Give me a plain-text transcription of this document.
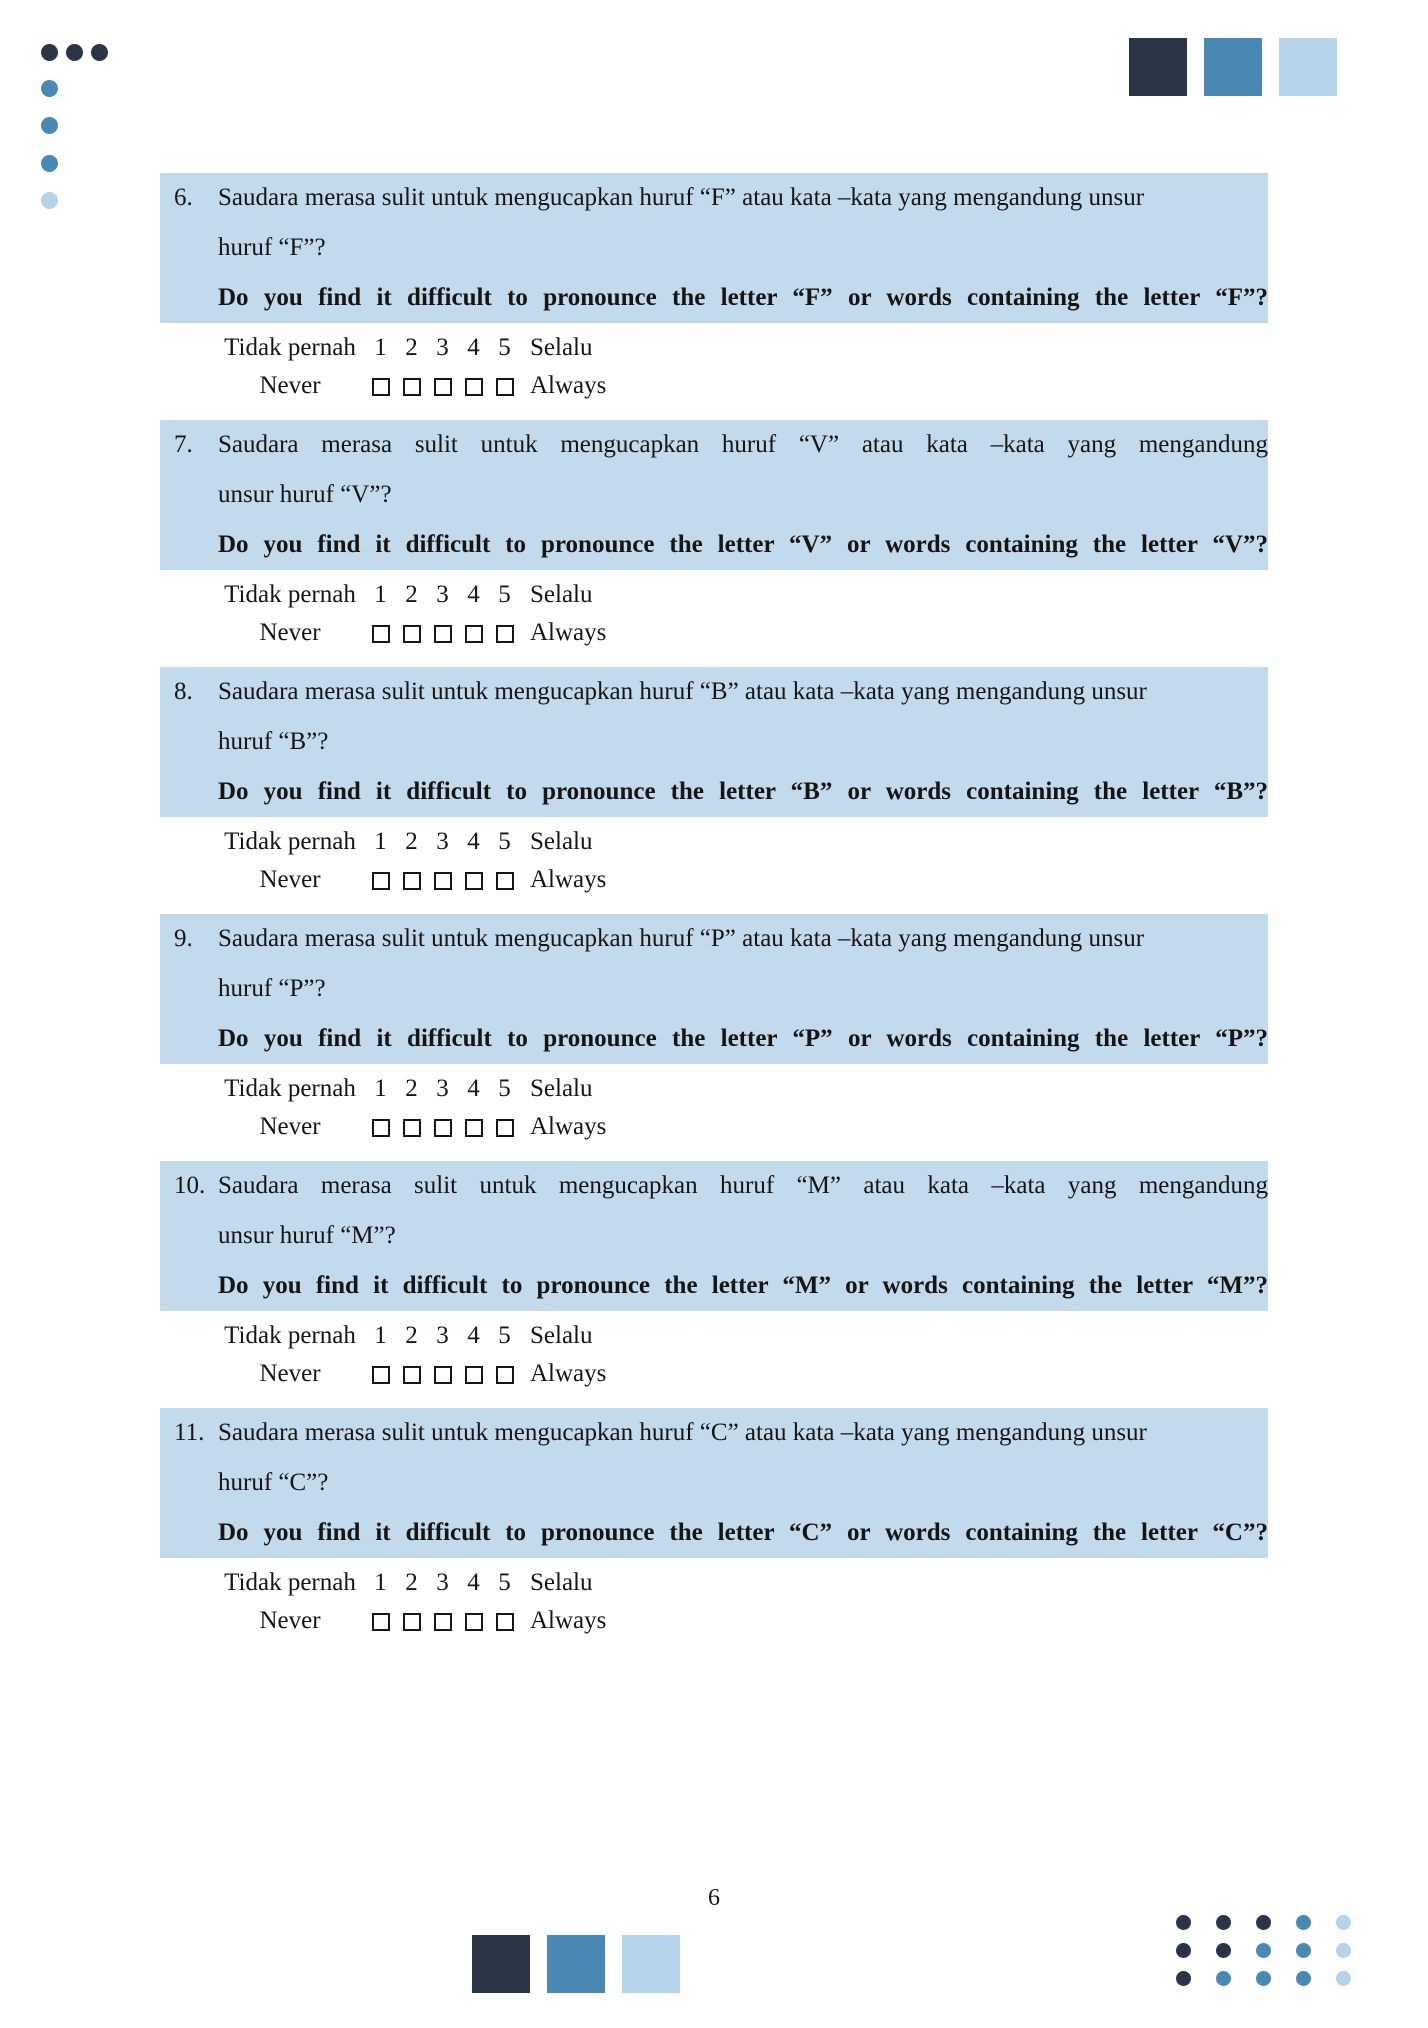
6.	Saudara merasa sulit untuk mengucapkan huruf “F” atau kata –kata yang mengandung unsur
huruf “F”?
Do you find it difficult to pronounce the letter “F” or words containing the letter “F”?
Tidak pernah 1 2 3 4 5 Selalu
Never	Always
7.	Saudara merasa sulit untuk mengucapkan huruf “V” atau kata –kata yang mengandung
unsur huruf “V”?
Do you find it difficult to pronounce the letter “V” or words containing the letter “V”?
Tidak pernah 1 2 3 4 5 Selalu
Never	Always
8.	Saudara merasa sulit untuk mengucapkan huruf “B” atau kata –kata yang mengandung unsur
huruf “B”?
Do you find it difficult to pronounce the letter “B” or words containing the letter “B”?
Tidak pernah 1 2 3 4 5 Selalu
Never	Always
9.	Saudara merasa sulit untuk mengucapkan huruf “P” atau kata –kata yang mengandung unsur
huruf “P”?
Do you find it difficult to pronounce the letter “P” or words containing the letter “P”?
Tidak pernah 1 2 3 4 5 Selalu
Never	Always
10. Saudara merasa sulit untuk mengucapkan huruf “M” atau kata –kata yang mengandung
unsur huruf “M”?
Do you find it difficult to pronounce the letter “M” or words containing the letter “M”?
Tidak pernah 1 2 3 4 5 Selalu
Never	Always
11. Saudara merasa sulit untuk mengucapkan huruf “C” atau kata –kata yang mengandung unsur
huruf “C”?
Do you find it difficult to pronounce the letter “C” or words containing the letter “C”?
Tidak pernah 1 2 3 4 5 Selalu
Never	Always
6
